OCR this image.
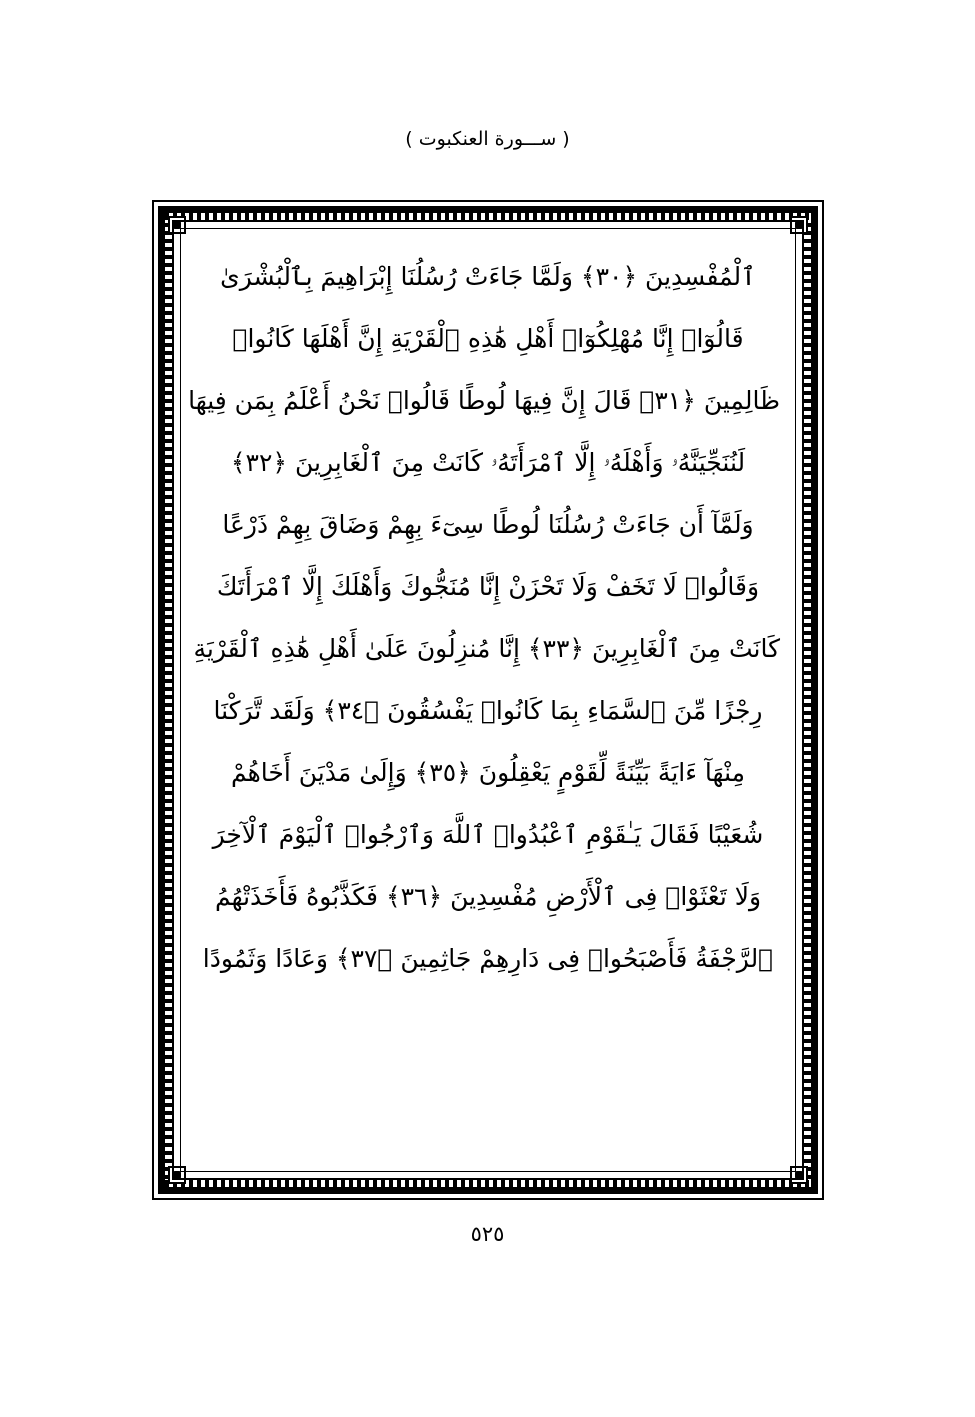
( ســـورة العنكبوت )
ٱلْمُفْسِدِينَ ﴿٣٠﴾ وَلَمَّا جَاءَتْ رُسُلُنَا إِبْرَاهِيمَ بِٱلْبُشْرَىٰ
قَالُوٓا۟ إِنَّا مُهْلِكُوٓا۟ أَهْلِ هَٰذِهِ ٱلْقَرْيَةِ إِنَّ أَهْلَهَا كَانُوا۟
ظَالِمِينَ ﴿٣١﴾ قَالَ إِنَّ فِيهَا لُوطًا قَالُوا۟ نَحْنُ أَعْلَمُ بِمَن فِيهَا
لَنُنَجِّيَنَّهُۥ وَأَهْلَهُۥ إِلَّا ٱمْرَأَتَهُۥ كَانَتْ مِنَ ٱلْغَابِرِينَ ﴿٣٢﴾
وَلَمَّآ أَن جَاءَتْ رُسُلُنَا لُوطًا سِىٓءَ بِهِمْ وَضَاقَ بِهِمْ ذَرْعًا
وَقَالُوا۟ لَا تَخَفْ وَلَا تَحْزَنْ إِنَّا مُنَجُّوكَ وَأَهْلَكَ إِلَّا ٱمْرَأَتَكَ
كَانَتْ مِنَ ٱلْغَابِرِينَ ﴿٣٣﴾ إِنَّا مُنزِلُونَ عَلَىٰ أَهْلِ هَٰذِهِ ٱلْقَرْيَةِ
رِجْزًا مِّنَ ٱلسَّمَاءِ بِمَا كَانُوا۟ يَفْسُقُونَ ﴿٣٤﴾ وَلَقَد تَّرَكْنَا
مِنْهَآ ءَايَةً بَيِّنَةً لِّقَوْمٍ يَعْقِلُونَ ﴿٣٥﴾ وَإِلَىٰ مَدْيَنَ أَخَاهُمْ
شُعَيْبًا فَقَالَ يَـٰقَوْمِ ٱعْبُدُوا۟ ٱللَّهَ وَٱرْجُوا۟ ٱلْيَوْمَ ٱلْآخِرَ
وَلَا تَعْثَوْا۟ فِى ٱلْأَرْضِ مُفْسِدِينَ ﴿٣٦﴾ فَكَذَّبُوهُ فَأَخَذَتْهُمُ
ٱلرَّجْفَةُ فَأَصْبَحُوا۟ فِى دَارِهِمْ جَاثِمِينَ ﴿٣٧﴾ وَعَادًا وَثَمُودًا
٥٢٥
